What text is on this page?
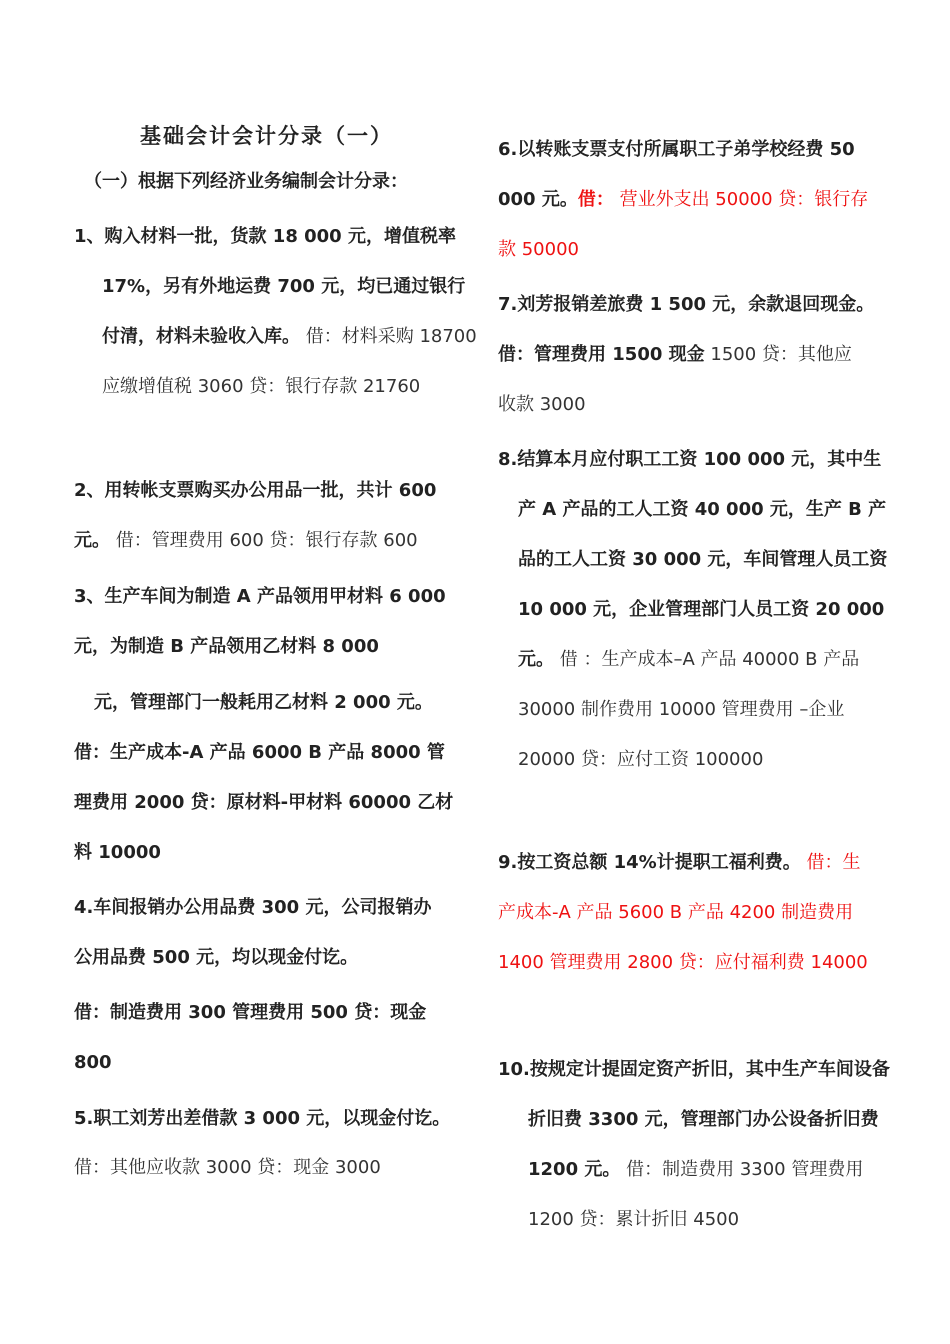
基础会计会计分录（一）
（一）根据下列经济业务编制会计分录：
1、购入材料一批，货款 18 000 元，增值税率 17%，另有外地运费 700 元，均已通过银行付清，材料未验收入库。 借：材料采购 18700 应缴增值税 3060 贷：银行存款 21760
2、用转帐支票购买办公用品一批，共计 600 元。 借：管理费用 600 贷：银行存款 600
3、生产车间为制造 A 产品领用甲材料 6 000 元，为制造 B 产品领用乙材料 8 000
元，管理部门一般耗用乙材料 2 000 元。
借：生产成本-A 产品 6000 B 产品 8000 管理费用 2000 贷：原材料-甲材料 60000 乙材料 10000
4.车间报销办公用品费 300 元，公司报销办公用品费 500 元，均以现金付讫。
借：制造费用 300 管理费用 500 贷：现金 800
5.职工刘芳出差借款 3 000 元，以现金付讫。
借：其他应收款 3000 贷：现金 3000
6.以转账支票支付所属职工子弟学校经费 50 000 元。借： 营业外支出 50000 贷：银行存款 50000
7.刘芳报销差旅费 1 500 元，余款退回现金。
借：管理费用 1500 现金 1500 贷：其他应收款 3000
8.结算本月应付职工工资 100 000 元，其中生产 A 产品的工人工资 40 000 元，生产 B 产品的工人工资 30 000 元，车间管理人员工资 10 000 元，企业管理部门人员工资 20 000 元。 借 ：生产成本–A 产品 40000 B 产品 30000 制作费用 10000 管理费用 –企业 20000 贷：应付工资 100000
9.按工资总额 14%计提职工福利费。 借：生产成本-A 产品 5600 B 产品 4200 制造费用 1400 管理费用 2800 贷：应付福利费 14000
10.按规定计提固定资产折旧，其中生产车间设备折旧费 3300 元，管理部门办公设备折旧费 1200 元。 借：制造费用 3300 管理费用 1200 贷：累计折旧 4500
